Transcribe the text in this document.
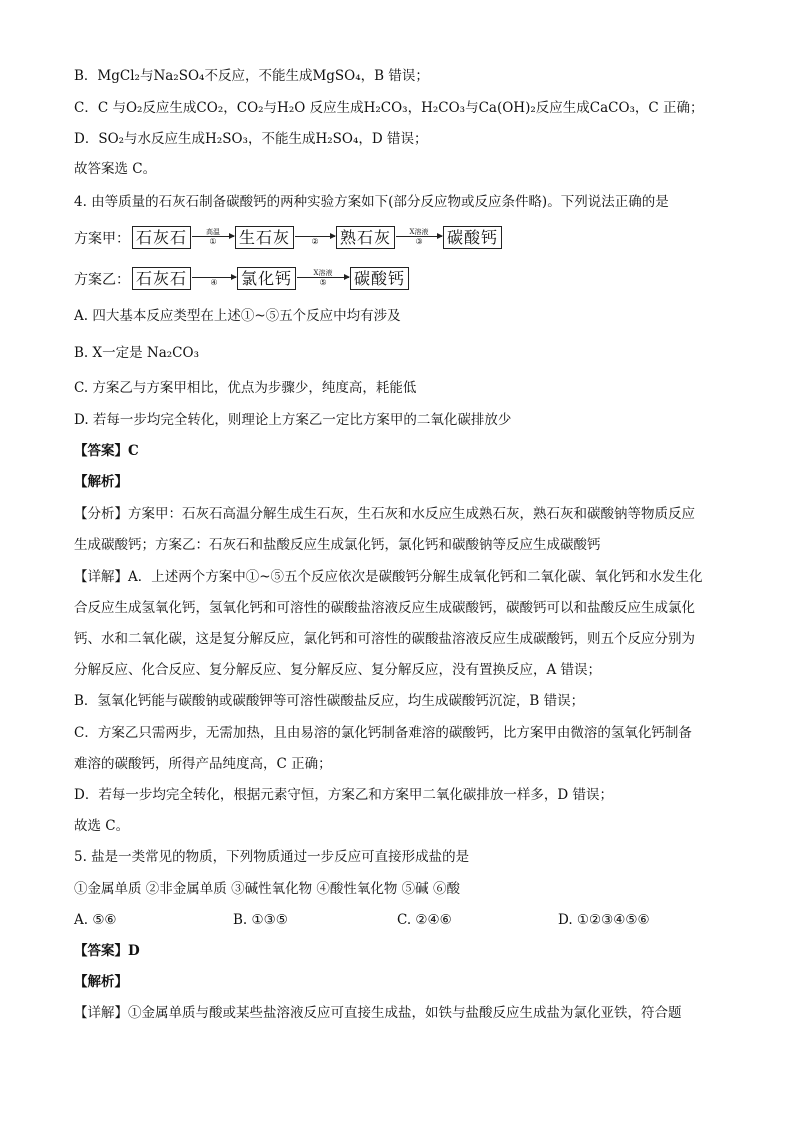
B．MgCl₂与Na₂SO₄不反应，不能生成MgSO₄，B 错误；
C．C 与O₂反应生成CO₂，CO₂与H₂O 反应生成H₂CO₃，H₂CO₃与Ca(OH)₂反应生成CaCO₃，C 正确；
D．SO₂与水反应生成H₂SO₃，不能生成H₂SO₄，D 错误；
故答案选 C。
4. 由等质量的石灰石制备碳酸钙的两种实验方案如下(部分反应物或反应条件略)。下列说法正确的是
方案甲： 石灰石	高温
① 生石灰	② 熟石灰	X溶液
③ 碳酸钙
方案乙： 石灰石	④ 氯化钙	X溶液
⑤ 碳酸钙
A. 四大基本反应类型在上述①~⑤五个反应中均有涉及
B. X一定是 Na₂CO₃
C. 方案乙与方案甲相比，优点为步骤少，纯度高，耗能低
D. 若每一步均完全转化，则理论上方案乙一定比方案甲的二氧化碳排放少
【答案】C
【解析】
【分析】方案甲：石灰石高温分解生成生石灰，生石灰和水反应生成熟石灰，熟石灰和碳酸钠等物质反应
生成碳酸钙；方案乙：石灰石和盐酸反应生成氯化钙，氯化钙和碳酸钠等反应生成碳酸钙
【详解】A．上述两个方案中①~⑤五个反应依次是碳酸钙分解生成氧化钙和二氧化碳、氧化钙和水发生化
合反应生成氢氧化钙，氢氧化钙和可溶性的碳酸盐溶液反应生成碳酸钙，碳酸钙可以和盐酸反应生成氯化
钙、水和二氧化碳，这是复分解反应，氯化钙和可溶性的碳酸盐溶液反应生成碳酸钙，则五个反应分别为
分解反应、化合反应、复分解反应、复分解反应、复分解反应，没有置换反应，A 错误；
B．氢氧化钙能与碳酸钠或碳酸钾等可溶性碳酸盐反应，均生成碳酸钙沉淀，B 错误；
C．方案乙只需两步，无需加热，且由易溶的氯化钙制备难溶的碳酸钙，比方案甲由微溶的氢氧化钙制备
难溶的碳酸钙，所得产品纯度高，C 正确；
D．若每一步均完全转化，根据元素守恒，方案乙和方案甲二氧化碳排放一样多，D 错误；
故选 C。
5. 盐是一类常见的物质，下列物质通过一步反应可直接形成盐的是
①金属单质 ②非金属单质 ③碱性氧化物 ④酸性氧化物 ⑤碱 ⑥酸
A. ⑤⑥	B. ①③⑤	C. ②④⑥	D. ①②③④⑤⑥
【答案】D
【解析】
【详解】①金属单质与酸或某些盐溶液反应可直接生成盐，如铁与盐酸反应生成盐为氯化亚铁，符合题
